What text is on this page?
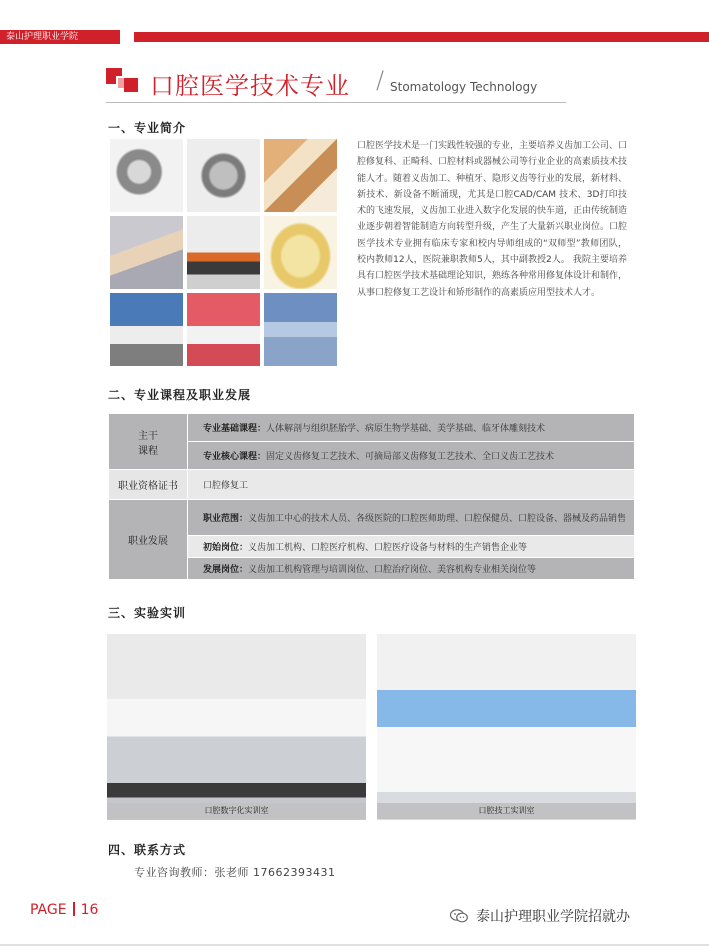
泰山护理职业学院
口腔医学技术专业 / Stomatology Technology
一、专业简介
口腔医学技术是一门实践性较强的专业，主要培养义齿加工公司、口腔修复科、正畸科、口腔材料或器械公司等行业企业的高素质技术技能人才。随着义齿加工、种植牙、隐形义齿等行业的发展，新材料、新技术、新设备不断涌现，尤其是口腔CAD/CAM 技术、3D打印技术的飞速发展，义齿加工业进入数字化发展的快车道，正由传统制造业逐步朝着智能制造方向转型升级，产生了大量新兴职业岗位。口腔医学技术专业拥有临床专家和校内导师组成的“双师型”教师团队，校内教师12人，医院兼职教师5人，其中副教授2人。 我院主要培养具有口腔医学技术基础理论知识，熟练各种常用修复体设计和制作，从事口腔修复工艺设计和矫形制作的高素质应用型技术人才。
二、专业课程及职业发展
主干
课程	专业基础课程：人体解剖与组织胚胎学、病原生物学基础、美学基础、临牙体雕刻技术
	专业核心课程：固定义齿修复工艺技术、可摘局部义齿修复工艺技术、全口义齿工艺技术
职业资格证书	口腔修复工
职业发展	职业范围：义齿加工中心的技术人员、各级医院的口腔医师助理、口腔保健员、口腔设备、器械及药品销售
	初始岗位：义齿加工机构、口腔医疗机构、口腔医疗设备与材料的生产销售企业等
	发展岗位：义齿加工机构管理与培训岗位、口腔治疗岗位、美容机构专业相关岗位等
三、实验实训
口腔数字化实训室	口腔技工实训室
四、联系方式
专业咨询教师：张老师 17662393431
PAGE 16	泰山护理职业学院招就办
